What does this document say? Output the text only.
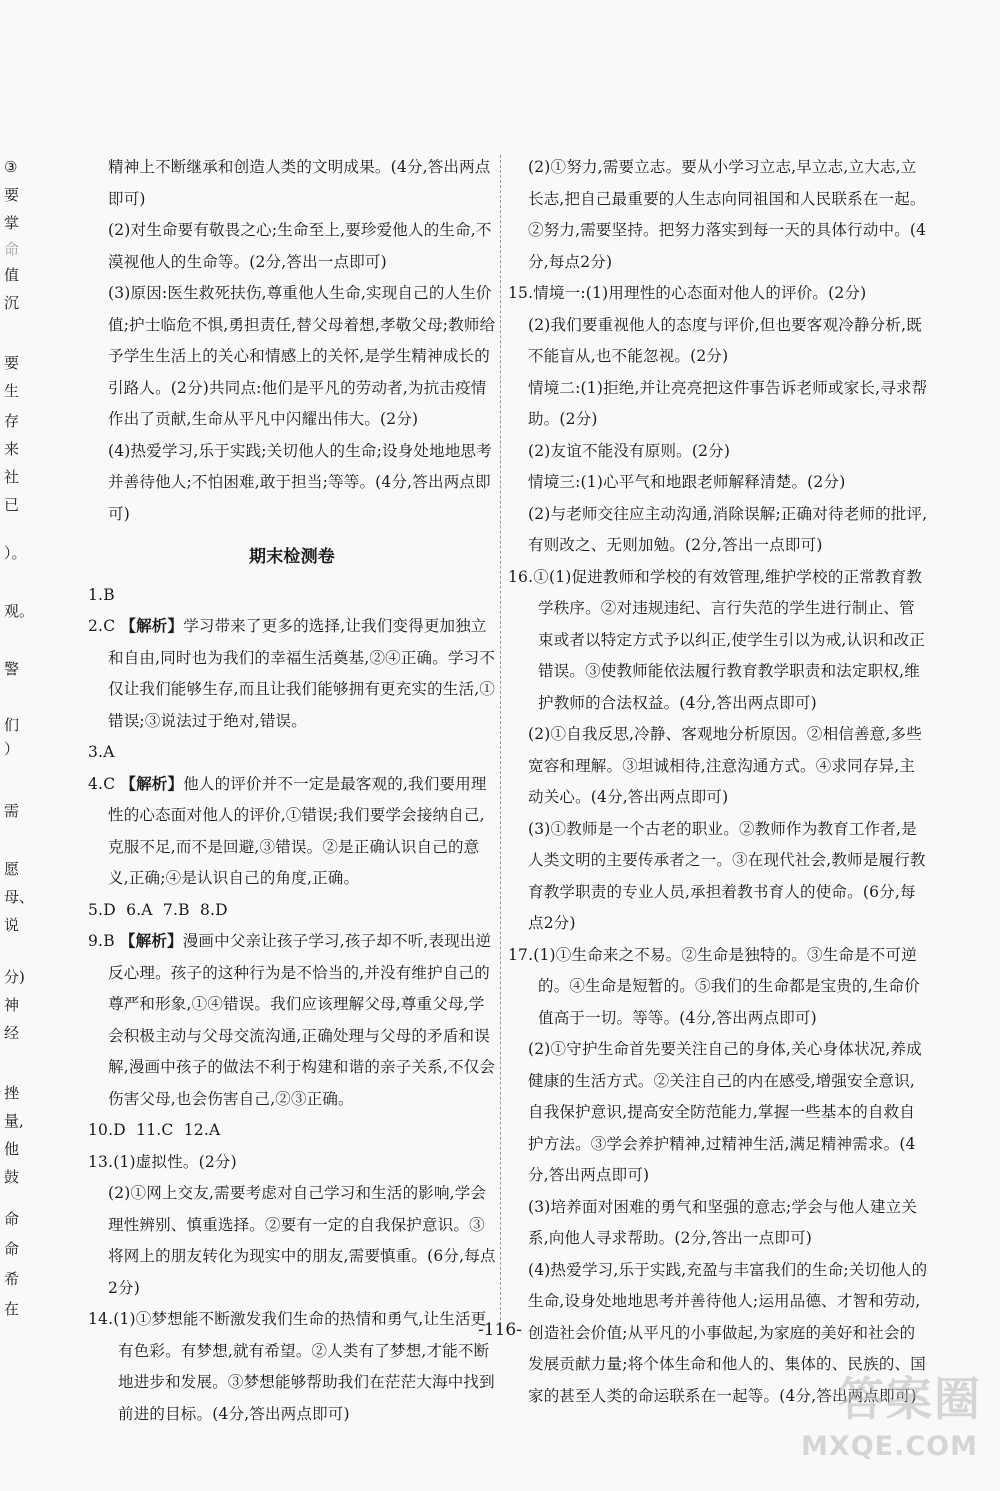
③
要
掌
命
值
沉
要
生
存
来
社
已
）。
观。
警
们
）
需
愿
母、
说
分)
神
经
挫
量,
他
鼓
命
命
希
在

精神上不断继承和创造人类的文明成果。(4分,答出两点即可)

(2)对生命要有敬畏之心;生命至上,要珍爱他人的生命,不漠视他人的生命等。(2分,答出一点即可)

(3)原因:医生救死扶伤,尊重他人生命,实现自己的人生价值;护士临危不惧,勇担责任,替父母着想,孝敬父母;教师给予学生生活上的关心和情感上的关怀,是学生精神成长的引路人。(2分)共同点:他们是平凡的劳动者,为抗击疫情作出了贡献,生命从平凡中闪耀出伟大。(2分)

(4)热爱学习,乐于实践;关切他人的生命;设身处地地思考并善待他人;不怕困难,敢于担当;等等。(4分,答出两点即可)

期末检测卷

1.B

2.C 【解析】学习带来了更多的选择,让我们变得更加独立和自由,同时也为我们的幸福生活奠基,②④正确。学习不仅让我们能够生存,而且让我们能够拥有更充实的生活,①错误;③说法过于绝对,错误。

3.A

4.C 【解析】他人的评价并不一定是最客观的,我们要用理性的心态面对他人的评价,①错误;我们要学会接纳自己,克服不足,而不是回避,③错误。②是正确认识自己的意义,正确;④是认识自己的角度,正确。

5.D  6.A  7.B  8.D

9.B 【解析】漫画中父亲让孩子学习,孩子却不听,表现出逆反心理。孩子的这种行为是不恰当的,并没有维护自己的尊严和形象,①④错误。我们应该理解父母,尊重父母,学会积极主动与父母交流沟通,正确处理与父母的矛盾和误解,漫画中孩子的做法不利于构建和谐的亲子关系,不仅会伤害父母,也会伤害自己,②③正确。

10.D  11.C  12.A

13.(1)虚拟性。(2分)

(2)①网上交友,需要考虑对自己学习和生活的影响,学会理性辨别、慎重选择。②要有一定的自我保护意识。③将网上的朋友转化为现实中的朋友,需要慎重。(6分,每点2分)

14.(1)①梦想能不断激发我们生命的热情和勇气,让生活更有色彩。有梦想,就有希望。②人类有了梦想,才能不断地进步和发展。③梦想能够帮助我们在茫茫大海中找到前进的目标。(4分,答出两点即可)

(2)①努力,需要立志。要从小学习立志,早立志,立大志,立长志,把自己最重要的人生志向同祖国和人民联系在一起。②努力,需要坚持。把努力落实到每一天的具体行动中。(4分,每点2分)

15.情境一:(1)用理性的心态面对他人的评价。(2分)

(2)我们要重视他人的态度与评价,但也要客观冷静分析,既不能盲从,也不能忽视。(2分)

情境二:(1)拒绝,并让亮亮把这件事告诉老师或家长,寻求帮助。(2分)

(2)友谊不能没有原则。(2分)

情境三:(1)心平气和地跟老师解释清楚。(2分)

(2)与老师交往应主动沟通,消除误解;正确对待老师的批评,有则改之、无则加勉。(2分,答出一点即可)

16.①(1)促进教师和学校的有效管理,维护学校的正常教育教学秩序。②对违规违纪、言行失范的学生进行制止、管束或者以特定方式予以纠正,使学生引以为戒,认识和改正错误。③使教师能依法履行教育教学职责和法定职权,维护教师的合法权益。(4分,答出两点即可)

(2)①自我反思,冷静、客观地分析原因。②相信善意,多些宽容和理解。③坦诚相待,注意沟通方式。④求同存异,主动关心。(4分,答出两点即可)

(3)①教师是一个古老的职业。②教师作为教育工作者,是人类文明的主要传承者之一。③在现代社会,教师是履行教育教学职责的专业人员,承担着教书育人的使命。(6分,每点2分)

17.(1)①生命来之不易。②生命是独特的。③生命是不可逆的。④生命是短暂的。⑤我们的生命都是宝贵的,生命价值高于一切。等等。(4分,答出两点即可)

(2)①守护生命首先要关注自己的身体,关心身体状况,养成健康的生活方式。②关注自己的内在感受,增强安全意识,自我保护意识,提高安全防范能力,掌握一些基本的自救自护方法。③学会养护精神,过精神生活,满足精神需求。(4分,答出两点即可)

(3)培养面对困难的勇气和坚强的意志;学会与他人建立关系,向他人寻求帮助。(2分,答出一点即可)

(4)热爱学习,乐于实践,充盈与丰富我们的生命;关切他人的生命,设身处地地思考并善待他人;运用品德、才智和劳动,创造社会价值;从平凡的小事做起,为家庭的美好和社会的发展贡献力量;将个体生命和他人的、集体的、民族的、国家的甚至人类的命运联系在一起等。(4分,答出两点即可)

-116-
答案圈
MXQE.COM
